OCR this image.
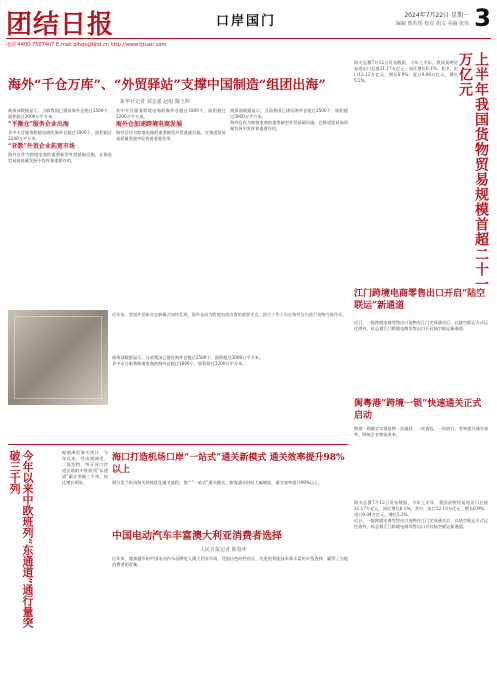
团结日报	口岸国门	2024年7月22日 星期一
编辑 邢若彤 校对 胡文 美编 张伟 3
电话 4400-7507407 E-mail bjhqs@bjtd.cn http://www.tjtuan.com
海外“千仓万库”、“外贸驿站”支撑中国制造“组团出海”
新华社记者 刘志强 赵旭 魏玉坤
商务部数据显示，当前我国已建设海外仓超过2500个、面积超过3000万平方米。
“平衡仓”服务企业出海
其中专注服务跨境电商的海外仓超过1800个，面积超过2200万平方米。
“亚数”外贸企业拓宽市场
海外仓作为跨境电商的重要新型外贸基础设施，在推进贸易高质量发展中发挥着重要作用。
其中专注服务跨境电商的海外仓超过1800个，面积超过2200万平方米。
海外仓加速跨境电商发展
海外仓作为跨境电商的重要新型外贸基础设施，在推进贸易高质量发展中发挥着重要作用。
商务部数据显示，当前我国已建设海外仓超过2500个、面积超过3000万平方米。
海外仓作为跨境电商的重要新型外贸基础设施，在推进贸易高质量发展中发挥着重要作用。
近年来，我国外贸新业态新模式加快发展，海外仓成为跨境电商出海的重要支点。图为工作人员在海外仓内进行货物分拣作业。
商务部数据显示，当前我国已建设海外仓超过2500个、面积超过3000万平方米。
其中专注服务跨境电商的海外仓超过1800个，面积超过2200万平方米。
上半年我国货物贸易规模首超二十一万亿元
海关总署7月12日发布数据，今年上半年，我国货物贸易进出口总值21.17万亿元，同比增长6.1%。其中，出口12.13万亿元，增长6.9%；进口9.04万亿元，增长5.2%。
江门跨境电商零售出口开启“陆空联运”新通道
近日，一批跨境电商零售出口货物在江门完成通关后，以陆空联运方式运往海外，标志着江门跨境电商零售出口开启陆空联运新通道。
阆粤港“跨境一锁”快速通关正式启动
跨境一锁模式实现货物一次施封、一次查验、一次放行，有效提升通关效率，降低企业物流成本。
今年以来中欧班列“东通道”通行量突破三千列	据满洲里海关统计，今年以来，经由满洲里、二连浩特、绥芬河口岸进出境的中欧班列“东通道”累计突破三千列，同比增长明显。
海口打造机场口岸“一站式”通关新模式 通关效率提升98%以上
海口美兰机场海关持续优化通关流程，推广“一站式”通关模式，旅客通关时间大幅缩短，通关效率提升98%以上。
中国电动汽车丰富澳大利亚消费者选择
人民日报记者 陈春华
近年来，越来越多的中国电动汽车品牌进入澳大利亚市场，凭借出色的性价比、先进的智能技术和丰富的车型选择，赢得了当地消费者的青睐。
海关总署7月12日发布数据，今年上半年，我国货物贸易进出口总值21.17万亿元，同比增长6.1%。其中，出口12.13万亿元，增长6.9%；进口9.04万亿元，增长5.2%。
近日，一批跨境电商零售出口货物在江门完成通关后，以陆空联运方式运往海外，标志着江门跨境电商零售出口开启陆空联运新通道。
